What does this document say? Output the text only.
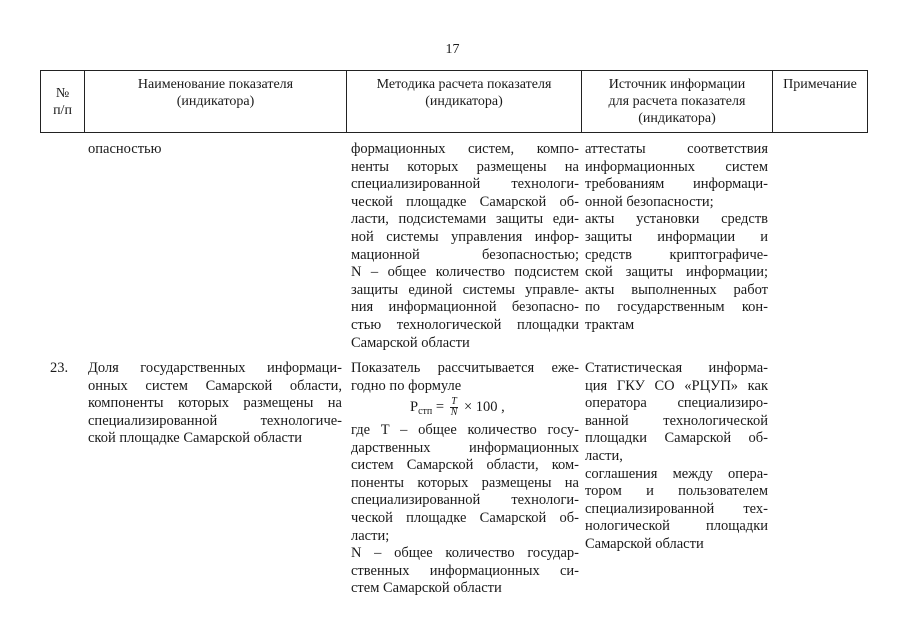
17
№
п/п
Наименование показателя
(индикатора)
Методика расчета показателя
(индикатора)
Источник информации
для расчета показателя
(индикатора)
Примечание
опасностью	формационных систем, компо-
ненты которых размещены на
специализированной технологи-
ческой площадке Самарской об-
ласти, подсистемами защиты еди-
ной системы управления инфор-
мационной безопасностью;
N – общее количество подсистем
защиты единой системы управле-
ния информационной безопасно-
стью технологической площадки
Самарской области
аттестаты соответствия
информационных систем
требованиям информаци-
онной безопасности;
акты установки средств
защиты информации и
средств криптографиче-
ской защиты информации;
акты выполненных работ
по государственным кон-
трактам
23. Доля государственных информаци-
онных систем Самарской области,
компоненты которых размещены на
специализированной технологиче-
ской площадке Самарской области
Показатель рассчитывается еже-
годно по формуле
$P_{стп} = \frac{T}{N} \times 100$ ,
где T – общее количество госу-
дарственных информационных
систем Самарской области, ком-
поненты которых размещены на
специализированной технологи-
ческой площадке Самарской об-
ласти;
N – общее количество государ-
ственных информационных си-
стем Самарской области
Статистическая информа-
ция ГКУ СО «РЦУП» как
оператора специализиро-
ванной технологической
площадки Самарской об-
ласти,
соглашения между опера-
тором и пользователем
специализированной тех-
нологической площадки
Самарской области
